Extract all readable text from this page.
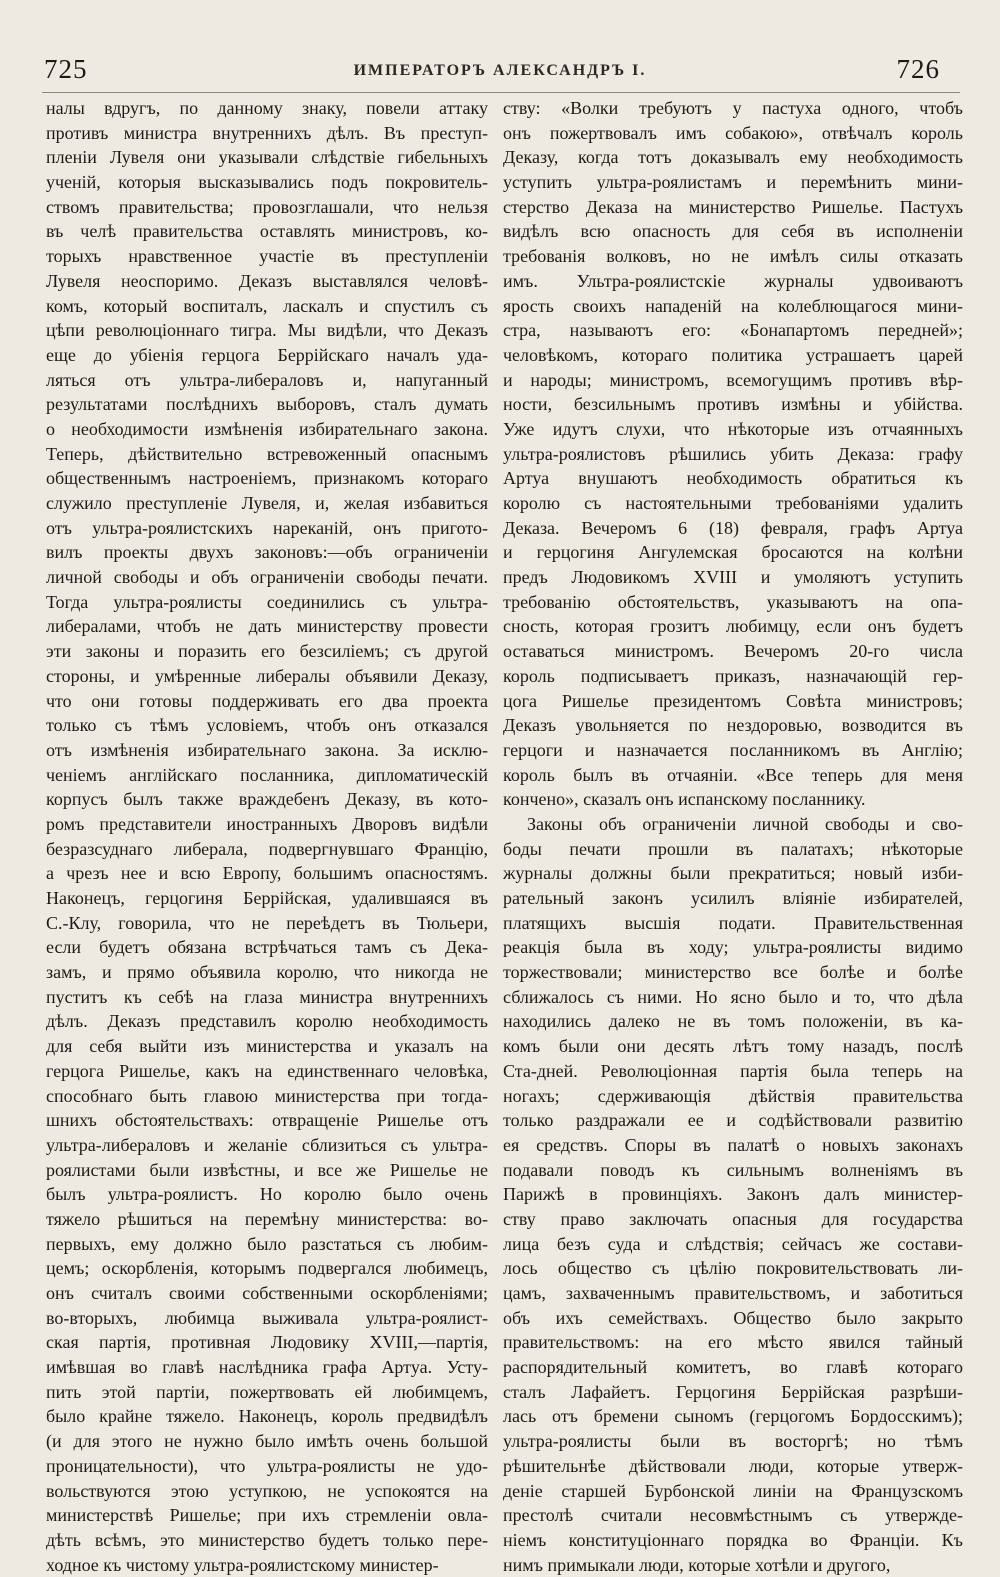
725	ИМПЕРАТОРЪ АЛЕКСАНДРЪ I.	726
налы вдругъ, по данному знаку, повели аттаку
противъ министра внутреннихъ дѣлъ. Въ преступ-
пленіи Лувеля они указывали слѣдствіе гибельныхъ
ученій, которыя высказывались подъ покровитель-
ствомъ правительства; провозглашали, что нельзя
въ челѣ правительства оставлять министровъ, ко-
торыхъ нравственное участіе въ преступленіи
Лувеля неоспоримо. Деказъ выставлялся человѣ-
комъ, который воспиталъ, ласкалъ и спустилъ съ
цѣпи революціоннаго тигра. Мы видѣли, что Деказъ
еще до убіенія герцога Беррійскаго началъ уда-
ляться отъ ультра-либераловъ и, напуганный
результатами послѣднихъ выборовъ, сталъ думать
о необходимости измѣненія избирательнаго закона.
Теперь, дѣйствительно встревоженный опаснымъ
общественнымъ настроеніемъ, признакомъ котораго
служило преступленіе Лувеля, и, желая избавиться
отъ ультра-роялистскихъ нареканій, онъ пригото-
вилъ проекты двухъ законовъ:—объ ограниченіи
личной свободы и объ ограниченіи свободы печати.
Тогда ультра-роялисты соединились съ ультра-
либералами, чтобъ не дать министерству провести
эти законы и поразить его безсиліемъ; съ другой
стороны, и умѣренные либералы объявили Деказу,
что они готовы поддерживать его два проекта
только съ тѣмъ условіемъ, чтобъ онъ отказался
отъ измѣненія избирательнаго закона. За исклю-
ченіемъ англійскаго посланника, дипломатическій
корпусъ былъ также враждебенъ Деказу, въ кото-
ромъ представители иностранныхъ Дворовъ видѣли
безразсуднаго либерала, подвергнувшаго Францію,
а чрезъ нее и всю Европу, большимъ опасностямъ.
Наконецъ, герцогиня Беррійская, удалившаяся въ
С.-Клу, говорила, что не переѣдетъ въ Тюльери,
если будетъ обязана встрѣчаться тамъ съ Дека-
замъ, и прямо объявила королю, что никогда не
пуститъ къ себѣ на глаза министра внутреннихъ
дѣлъ. Деказъ представилъ королю необходимость
для себя выйти изъ министерства и указалъ на
герцога Ришелье, какъ на единственнаго человѣка,
способнаго быть главою министерства при тогда-
шнихъ обстоятельствахъ: отвращеніе Ришелье отъ
ультра-либераловъ и желаніе сблизиться съ ультра-
роялистами были извѣстны, и все же Ришелье не
былъ ультра-роялистъ. Но королю было очень
тяжело рѣшиться на перемѣну министерства: во-
первыхъ, ему должно было разстаться съ любим-
цемъ; оскорбленія, которымъ подвергался любимецъ,
онъ считалъ своими собственными оскорбленіями;
во-вторыхъ, любимца выживала ультра-роялист-
ская партія, противная Людовику XVIII,—партія,
имѣвшая во главѣ наслѣдника графа Артуа. Усту-
пить этой партіи, пожертвовать ей любимцемъ,
было крайне тяжело. Наконецъ, король предвидѣлъ
(и для этого не нужно было имѣть очень большой
проницательности), что ультра-роялисты не удо-
вольствуются этою уступкою, не успокоятся на
министерствѣ Ришелье; при ихъ стремленіи овла-
дѣть всѣмъ, это министерство будетъ только пере-
ходное къ чистому ультра-роялистскому министер-
ству: «Волки требуютъ у пастуха одного, чтобъ
онъ пожертвовалъ имъ собакою», отвѣчалъ король
Деказу, когда тотъ доказывалъ ему необходимость
уступить ультра-роялистамъ и перемѣнить мини-
стерство Деказа на министерство Ришелье. Пастухъ
видѣлъ всю опасность для себя въ исполненіи
требованія волковъ, но не имѣлъ силы отказать
имъ. Ультра-роялистскіе журналы удвоиваютъ
ярость своихъ нападеній на колеблющагося мини-
стра, называютъ его: «Бонапартомъ передней»;
человѣкомъ, котораго политика устрашаетъ царей
и народы; министромъ, всемогущимъ противъ вѣр-
ности, безсильнымъ противъ измѣны и убійства.
Уже идутъ слухи, что нѣкоторые изъ отчаянныхъ
ультра-роялистовъ рѣшились убить Деказа: графу
Артуа внушаютъ необходимость обратиться къ
королю съ настоятельными требованіями удалить
Деказа. Вечеромъ 6 (18) февраля, графъ Артуа
и герцогиня Ангулемская бросаются на колѣни
предъ Людовикомъ XVIII и умоляютъ уступить
требованію обстоятельствъ, указываютъ на опа-
сность, которая грозитъ любимцу, если онъ будетъ
оставаться министромъ. Вечеромъ 20-го числа
король подписываетъ приказъ, назначающій гер-
цога Ришелье президентомъ Совѣта министровъ;
Деказъ увольняется по нездоровью, возводится въ
герцоги и назначается посланникомъ въ Англію;
король былъ въ отчаяніи. «Все теперь для меня
кончено», сказалъ онъ испанскому посланнику.
Законы объ ограниченіи личной свободы и сво-
боды печати прошли въ палатахъ; нѣкоторые
журналы должны были прекратиться; новый изби-
рательный законъ усилилъ вліяніе избирателей,
платящихъ высшія подати. Правительственная
реакція была въ ходу; ультра-роялисты видимо
торжествовали; министерство все болѣе и болѣе
сближалось съ ними. Но ясно было и то, что дѣла
находились далеко не въ томъ положеніи, въ ка-
комъ были они десять лѣтъ тому назадъ, послѣ
Ста-дней. Революціонная партія была теперь на
ногахъ; сдерживающія дѣйствія правительства
только раздражали ее и содѣйствовали развитію
ея средствъ. Споры въ палатѣ о новыхъ законахъ
подавали поводъ къ сильнымъ волненіямъ въ
Парижѣ в провинціяхъ. Законъ далъ министер-
ству право заключать опасныя для государства
лица безъ суда и слѣдствія; сейчасъ же состави-
лось общество съ цѣлію покровительствовать ли-
цамъ, захваченнымъ правительствомъ, и заботиться
объ ихъ семействахъ. Общество было закрыто
правительствомъ: на его мѣсто явился тайный
распорядительный комитетъ, во главѣ котораго
сталъ Лафайетъ. Герцогиня Беррійская разрѣши-
лась отъ бремени сыномъ (герцогомъ Бордосскимъ);
ультра-роялисты были въ восторгѣ; но тѣмъ
рѣшительнѣе дѣйствовали люди, которые утверж-
деніе старшей Бурбонской линіи на Французскомъ
престолѣ считали несовмѣстнымъ съ утвержде-
ніемъ конституціоннаго порядка во Франціи. Къ
нимъ примыкали люди, которые хотѣли и другого,
